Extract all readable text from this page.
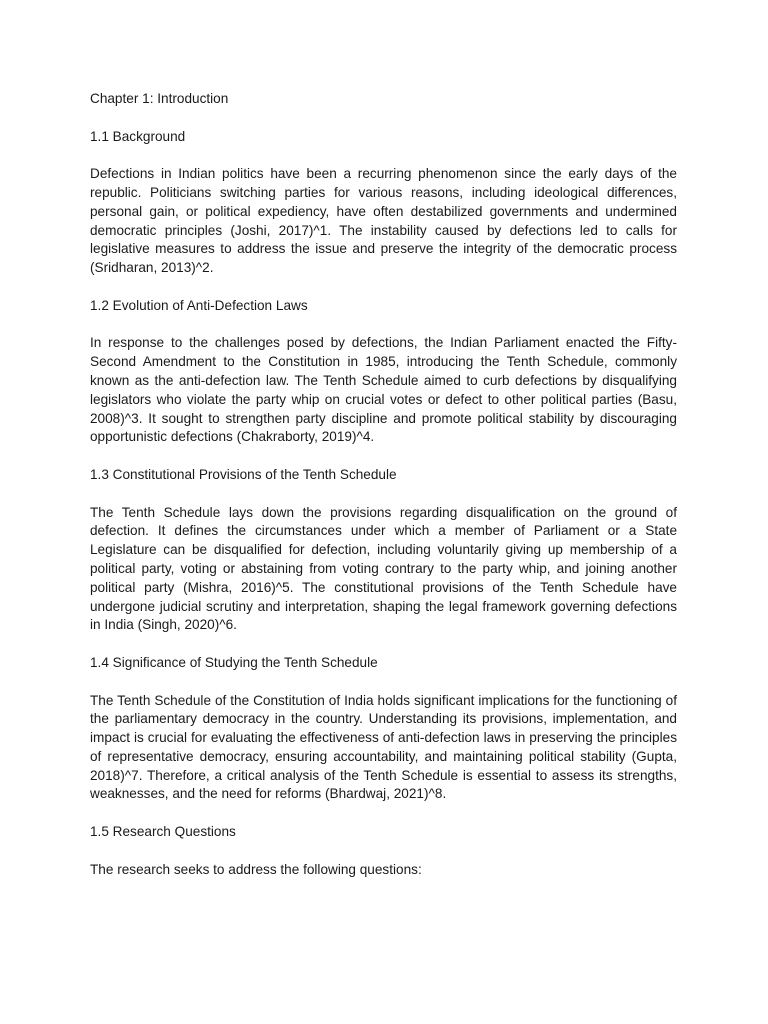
Chapter 1: Introduction

1.1 Background

Defections in Indian politics have been a recurring phenomenon since the early days of the republic. Politicians switching parties for various reasons, including ideological differences, personal gain, or political expediency, have often destabilized governments and undermined democratic principles (Joshi, 2017)^1. The instability caused by defections led to calls for legislative measures to address the issue and preserve the integrity of the democratic process (Sridharan, 2013)^2.

1.2 Evolution of Anti-Defection Laws

In response to the challenges posed by defections, the Indian Parliament enacted the Fifty-Second Amendment to the Constitution in 1985, introducing the Tenth Schedule, commonly known as the anti-defection law. The Tenth Schedule aimed to curb defections by disqualifying legislators who violate the party whip on crucial votes or defect to other political parties (Basu, 2008)^3. It sought to strengthen party discipline and promote political stability by discouraging opportunistic defections (Chakraborty, 2019)^4.

1.3 Constitutional Provisions of the Tenth Schedule

The Tenth Schedule lays down the provisions regarding disqualification on the ground of defection. It defines the circumstances under which a member of Parliament or a State Legislature can be disqualified for defection, including voluntarily giving up membership of a political party, voting or abstaining from voting contrary to the party whip, and joining another political party (Mishra, 2016)^5. The constitutional provisions of the Tenth Schedule have undergone judicial scrutiny and interpretation, shaping the legal framework governing defections in India (Singh, 2020)^6.

1.4 Significance of Studying the Tenth Schedule

The Tenth Schedule of the Constitution of India holds significant implications for the functioning of the parliamentary democracy in the country. Understanding its provisions, implementation, and impact is crucial for evaluating the effectiveness of anti-defection laws in preserving the principles of representative democracy, ensuring accountability, and maintaining political stability (Gupta, 2018)^7. Therefore, a critical analysis of the Tenth Schedule is essential to assess its strengths, weaknesses, and the need for reforms (Bhardwaj, 2021)^8.

1.5 Research Questions

The research seeks to address the following questions:
